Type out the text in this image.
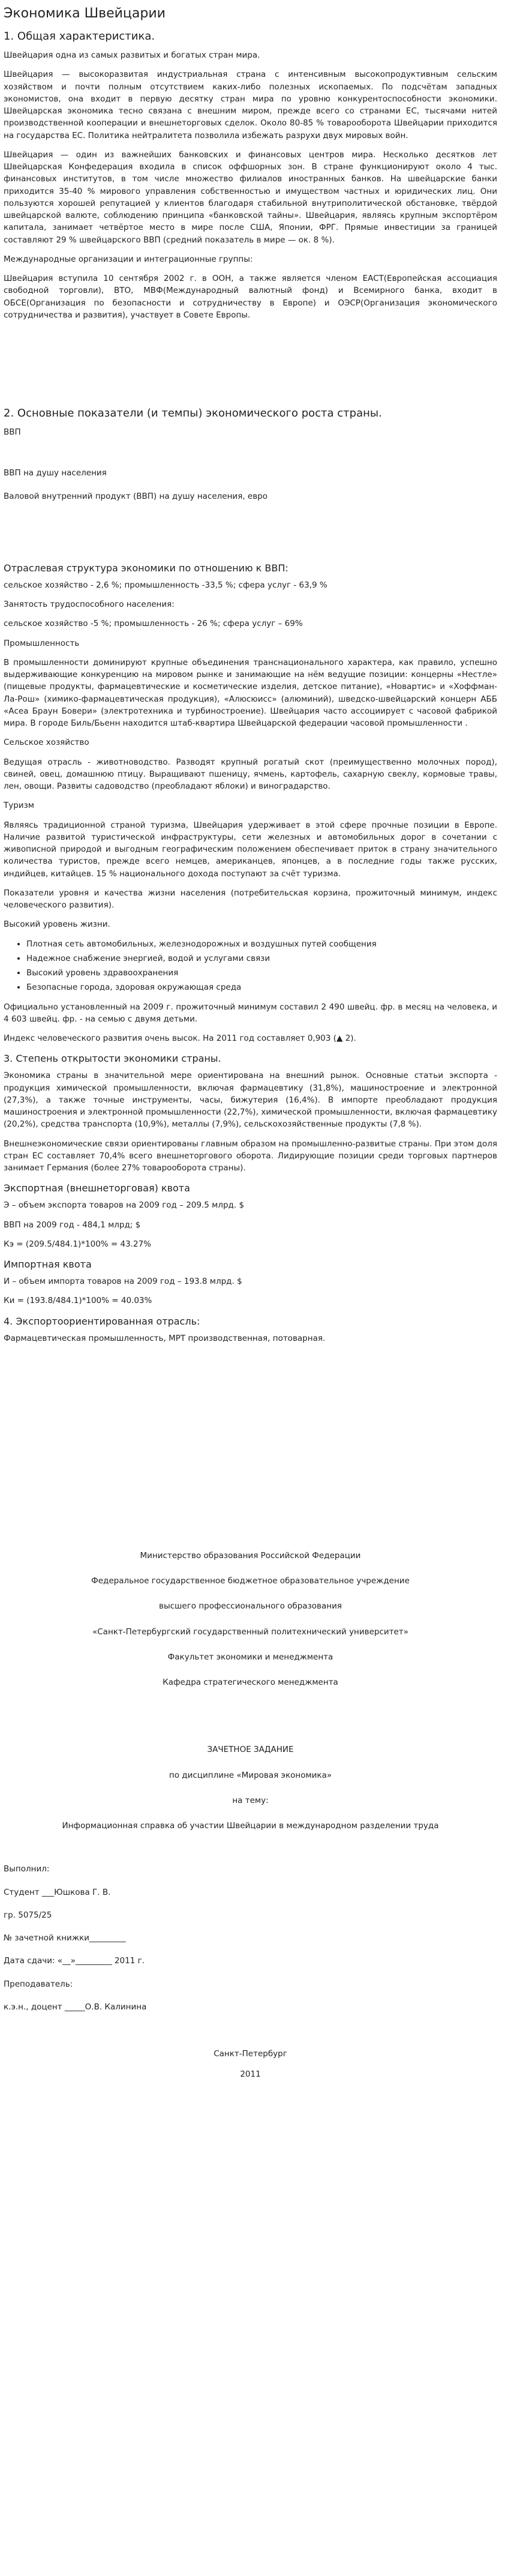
Экономика Швейцарии
1. Общая характеристика.

Швейцария одна из самых развитых и богатых стран мира.

Швейцария — высокоразвитая индустриальная страна с интенсивным высокопродуктивным сельским хозяйством и почти полным отсутствием каких-либо полезных ископаемых. По подсчётам западных экономистов, она входит в первую десятку стран мира по уровню конкурентоспособности экономики. Швейцарская экономика тесно связана с внешним миром, прежде всего со странами ЕС, тысячами нитей производственной кооперации и внешнеторговых сделок. Около 80-85 % товарооборота Швейцарии приходится на государства ЕС. Политика нейтралитета позволила избежать разрухи двух мировых войн.

Швейцария — один из важнейших банковских и финансовых центров мира. Несколько десятков лет Швейцарская Конфедерация входила в список оффшорных зон. В стране функционируют около 4 тыс. финансовых институтов, в том числе множество филиалов иностранных банков. На швейцарские банки приходится 35-40 % мирового управления собственностью и имуществом частных и юридических лиц. Они пользуются хорошей репутацией у клиентов благодаря стабильной внутриполитической обстановке, твёрдой швейцарской валюте, соблюдению принципа «банковской тайны». Швейцария, являясь крупным экспортёром капитала, занимает четвёртое место в мире после США, Японии, ФРГ. Прямые инвестиции за границей составляют 29 % швейцарского ВВП (средний показатель в мире — ок. 8 %).

Международные организации и интеграционные группы:

Швейцария вступила 10 сентября 2002 г. в ООН, а также является членом EACT(Европейская ассоциация свободной торговли), ВТО, МВФ(Международный валютный фонд) и Всемирного банка, входит в ОБСЕ(Организация по безопасности и сотрудничеству в Европе) и ОЭСР(Организация экономического сотрудничества и развития), участвует в Совете Европы.

2. Основные показатели (и темпы) экономического роста страны.

ВВП

ВВП на душу населения

Валовой внутренний продукт (ВВП) на душу населения, евро

Отраслевая структура экономики по отношению к ВВП:

сельское хозяйство - 2,6 %; промышленность -33,5 %; сфера услуг - 63,9 %

Занятость трудоспособного населения:

сельское хозяйство -5 %; промышленность - 26 %; сфера услуг – 69%

Промышленность

В промышленности доминируют крупные объединения транснационального характера, как правило, успешно выдерживающие конкуренцию на мировом рынке и занимающие на нём ведущие позиции: концерны «Нестле» (пищевые продукты, фармацевтические и косметические изделия, детское питание), «Новартис» и «Хоффман-Ла-Рош» (химико-фармацевтическая продукция), «Алюсюисс» (алюминий), шведско-швейцарский концерн АББ «Асеа Браун Бовери» (электротехника и турбиностроение). Швейцария часто ассоциирует с часовой фабрикой мира. В городе Биль/Бьенн находится штаб-квартира Швейцарской федерации часовой промышленности .

Сельское хозяйство

Ведущая отрасль - животноводство. Разводят крупный рогатый скот (преимущественно молочных пород), свиней, овец, домашнюю птицу. Выращивают пшеницу, ячмень, картофель, сахарную свеклу, кормовые травы, лен, овощи. Развиты садоводство (преобладают яблоки) и виноградарство.

Туризм

Являясь традиционной страной туризма, Швейцария удерживает в этой сфере прочные позиции в Европе. Наличие развитой туристической инфраструктуры, сети железных и автомобильных дорог в сочетании с живописной природой и выгодным географическим положением обеспечивает приток в страну значительного количества туристов, прежде всего немцев, американцев, японцев, а в последние годы также русских, индийцев, китайцев. 15 % национального дохода поступают за счёт туризма.

Показатели уровня и качества жизни населения (потребительская корзина, прожиточный минимум, индекс человеческого развития).

Высокий уровень жизни.

• Плотная сеть автомобильных, железнодорожных и воздушных путей сообщения
• Надежное снабжение энергией, водой и услугами связи
• Высокий уровень здравоохранения
• Безопасные города, здоровая окружающая среда

Официально установленный на 2009 г. прожиточный минимум составил 2 490 швейц. фр. в месяц на человека, и 4 603 швейц. фр. - на семью с двумя детьми.

Индекс человеческого развития очень высок. На 2011 год составляет 0,903 (▲ 2).

3. Степень открытости экономики страны.

Экономика страны в значительной мере ориентирована на внешний рынок. Основные статьи экспорта - продукция химической промышленности, включая фармацевтику (31,8%), машиностроение и электронной (27,3%), а также точные инструменты, часы, бижутерия (16,4%). В импорте преобладают продукция машиностроения и электронной промышленности (22,7%), химической промышленности, включая фармацевтику (20,2%), средства транспорта (10,9%), металлы (7,9%), сельскохозяйственные продукты (7,8 %).

Внешнеэкономические связи ориентированы главным образом на промышленно-развитые страны. При этом доля стран ЕС составляет 70,4% всего внешнеторгового оборота. Лидирующие позиции среди торговых партнеров занимает Германия (более 27% товарооборота страны).

Экспортная (внешнеторговая) квота

Э – объем экспорта товаров на 2009 год – 209.5 млрд. $

ВВП на 2009 год - 484,1 млрд; $

Кэ = (209.5/484.1)*100% = 43.27%

Импортная квота

И – объем импорта товаров на 2009 год – 193.8 млрд. $

Ки = (193.8/484.1)*100% = 40.03%

4. Экспортоориентированная отрасль:

Фармацевтическая промышленность, МРТ производственная, потоварная.

Министерство образования Российской Федерации

Федеральное государственное бюджетное образовательное учреждение

высшего профессионального образования

«Санкт-Петербургский государственный политехнический университет»

Факультет экономики и менеджмента

Кафедра стратегического менеджмента

ЗАЧЕТНОЕ ЗАДАНИЕ

по дисциплине «Мировая экономика»

на тему:

Информационная справка об участии Швейцарии в международном разделении труда

Выполнил:

Студент ___Юшкова Г. В.

гр. 5075/25

№ зачетной книжки_________

Дата сдачи: «__»_________ 2011 г.

Преподаватель:

к.э.н., доцент _____О.В. Калинина

Санкт-Петербург

2011
